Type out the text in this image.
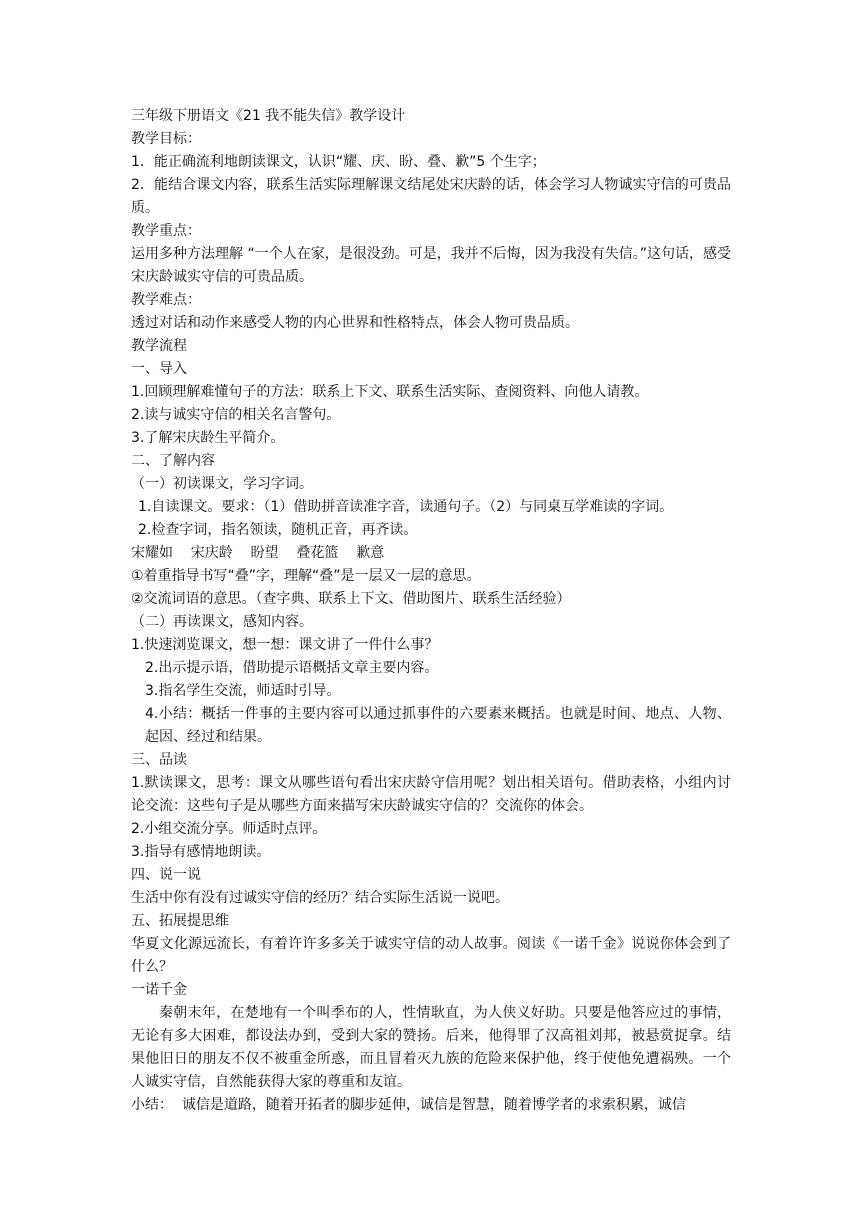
三年级下册语文《21 我不能失信》教学设计
教学目标：
1．能正确流利地朗读课文，认识“耀、庆、盼、叠、歉”5 个生字；
2．能结合课文内容，联系生活实际理解课文结尾处宋庆龄的话，体会学习人物诚实守信的可贵品质。
教学重点：
运用多种方法理解 “一个人在家，是很没劲。可是，我并不后悔，因为我没有失信。”这句话，感受宋庆龄诚实守信的可贵品质。
教学难点：
透过对话和动作来感受人物的内心世界和性格特点，体会人物可贵品质。
教学流程
一、导入
1.回顾理解难懂句子的方法：联系上下文、联系生活实际、查阅资料、向他人请教。
2.读与诚实守信的相关名言警句。
3.了解宋庆龄生平简介。
二、了解内容
（一）初读课文，学习字词。
1.自读课文。要求：（1）借助拼音读准字音，读通句子。（2）与同桌互学难读的字词。
2.检查字词，指名领读，随机正音，再齐读。
宋耀如    宋庆龄    盼望    叠花篮    歉意
①着重指导书写“叠”字，理解“叠”是一层又一层的意思。
②交流词语的意思。（查字典、联系上下文、借助图片、联系生活经验）
（二）再读课文，感知内容。
1.快速浏览课文，想一想：课文讲了一件什么事？
2.出示提示语，借助提示语概括文章主要内容。
3.指名学生交流，师适时引导。
4.小结：概括一件事的主要内容可以通过抓事件的六要素来概括。也就是时间、地点、人物、起因、经过和结果。
三、品读
1.默读课文，思考：课文从哪些语句看出宋庆龄守信用呢？划出相关语句。借助表格，小组内讨论交流：这些句子是从哪些方面来描写宋庆龄诚实守信的？交流你的体会。
2.小组交流分享。师适时点评。
3.指导有感情地朗读。
四、说一说
生活中你有没有过诚实守信的经历？结合实际生活说一说吧。
五、拓展提思维
华夏文化源远流长，有着许许多多关于诚实守信的动人故事。阅读《一诺千金》说说你体会到了什么？
一诺千金
秦朝末年，在楚地有一个叫季布的人，性情耿直，为人侠义好助。只要是他答应过的事情，无论有多大困难，都设法办到，受到大家的赞扬。后来，他得罪了汉高祖刘邦，被悬赏捉拿。结果他旧日的朋友不仅不被重金所惑，而且冒着灭九族的危险来保护他，终于使他免遭祸殃。一个人诚实守信，自然能获得大家的尊重和友谊。
小结：  诚信是道路，随着开拓者的脚步延伸，诚信是智慧，随着博学者的求索积累，诚信
